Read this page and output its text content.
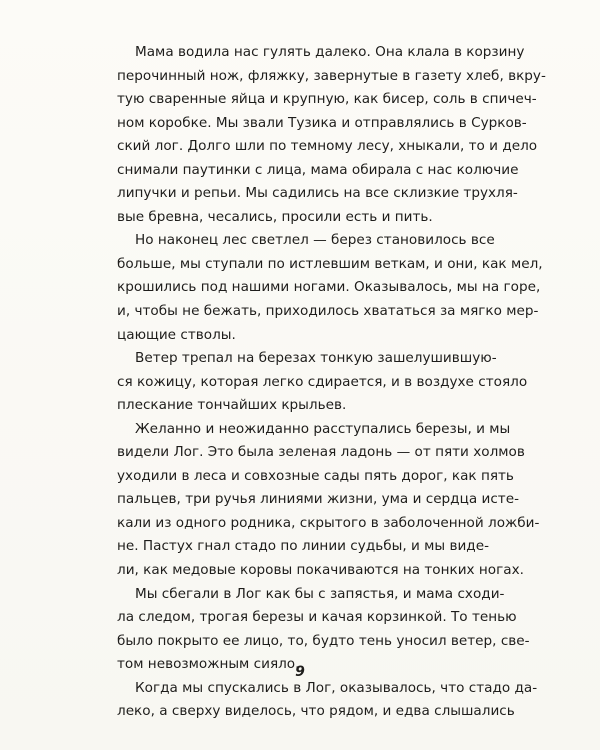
Мама водила нас гулять далеко. Она клала в корзину
перочинный нож, фляжку, завернутые в газету хлеб, вкру-
тую сваренные яйца и крупную, как бисер, соль в спичеч-
ном коробке. Мы звали Тузика и отправлялись в Сурков-
ский лог. Долго шли по темному лесу, хныкали, то и дело
снимали паутинки с лица, мама обирала с нас колючие
липучки и репьи. Мы садились на все склизкие трухля-
вые бревна, чесались, просили есть и пить.
Но наконец лес светлел — берез становилось все
больше, мы ступали по истлевшим веткам, и они, как мел,
крошились под нашими ногами. Оказывалось, мы на горе,
и, чтобы не бежать, приходилось хвататься за мягко мер-
цающие стволы.
Ветер трепал на березах тонкую зашелушившую-
ся кожицу, которая легко сдирается, и в воздухе стояло
плескание тончайших крыльев.
Желанно и неожиданно расступались березы, и мы
видели Лог. Это была зеленая ладонь — от пяти холмов
уходили в леса и совхозные сады пять дорог, как пять
пальцев, три ручья линиями жизни, ума и сердца исте-
кали из одного родника, скрытого в заболоченной ложби-
не. Пастух гнал стадо по линии судьбы, и мы виде-
ли, как медовые коровы покачиваются на тонких ногах.
Мы сбегали в Лог как бы с запястья, и мама сходи-
ла следом, трогая березы и качая корзинкой. То тенью
было покрыто ее лицо, то, будто тень уносил ветер, све-
том невозможным сияло.
Когда мы спускались в Лог, оказывалось, что стадо да-
леко, а сверху виделось, что рядом, и едва слышались
9
